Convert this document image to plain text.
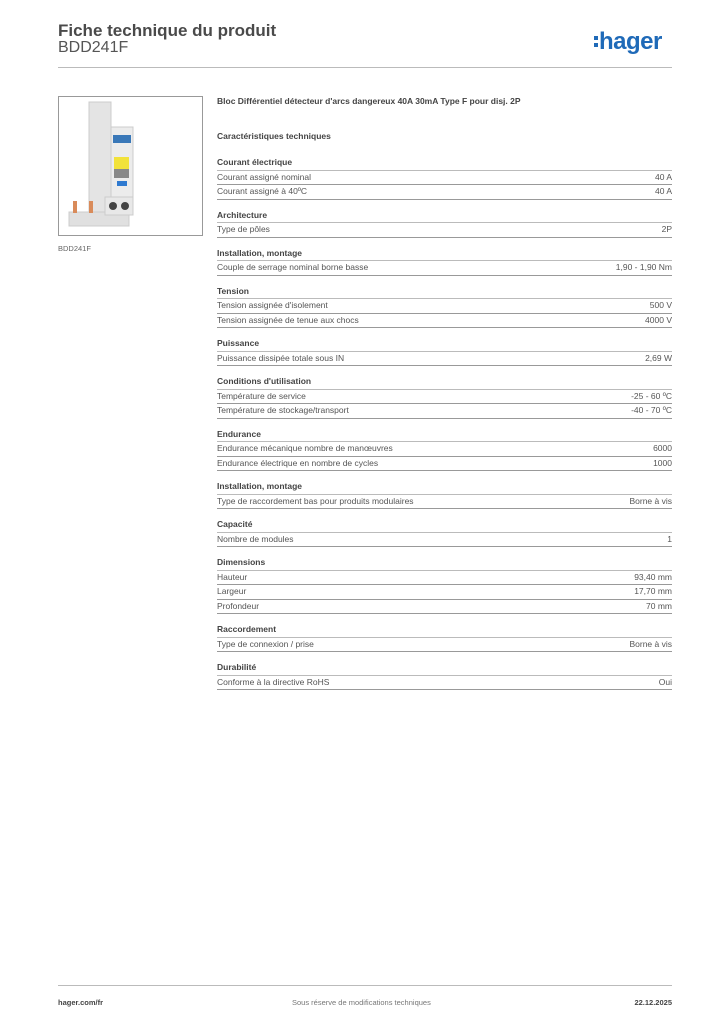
Fiche technique du produit
BDD241F	hager
BDD241F
Bloc Différentiel détecteur d'arcs dangereux 40A 30mA Type F pour disj. 2P
Caractéristiques techniques
Courant électrique
Courant assigné nominal	40 A
Courant assigné à 40ºC	40 A
Architecture
Type de pôles	2P
Installation, montage
Couple de serrage nominal borne basse	1,90 - 1,90 Nm
Tension
Tension assignée d'isolement	500 V
Tension assignée de tenue aux chocs	4000 V
Puissance
Puissance dissipée totale sous IN	2,69 W
Conditions d'utilisation
Température de service	-25 - 60 ºC
Température de stockage/transport	-40 - 70 ºC
Endurance
Endurance mécanique nombre de manœuvres	6000
Endurance électrique en nombre de cycles	1000
Installation, montage
Type de raccordement bas pour produits modulaires	Borne à vis
Capacité
Nombre de modules	1
Dimensions
Hauteur	93,40 mm
Largeur	17,70 mm
Profondeur	70 mm
Raccordement
Type de connexion / prise	Borne à vis
Durabilité
Conforme à la directive RoHS	Oui
hager.com/fr	Sous réserve de modifications techniques	22.12.2025
